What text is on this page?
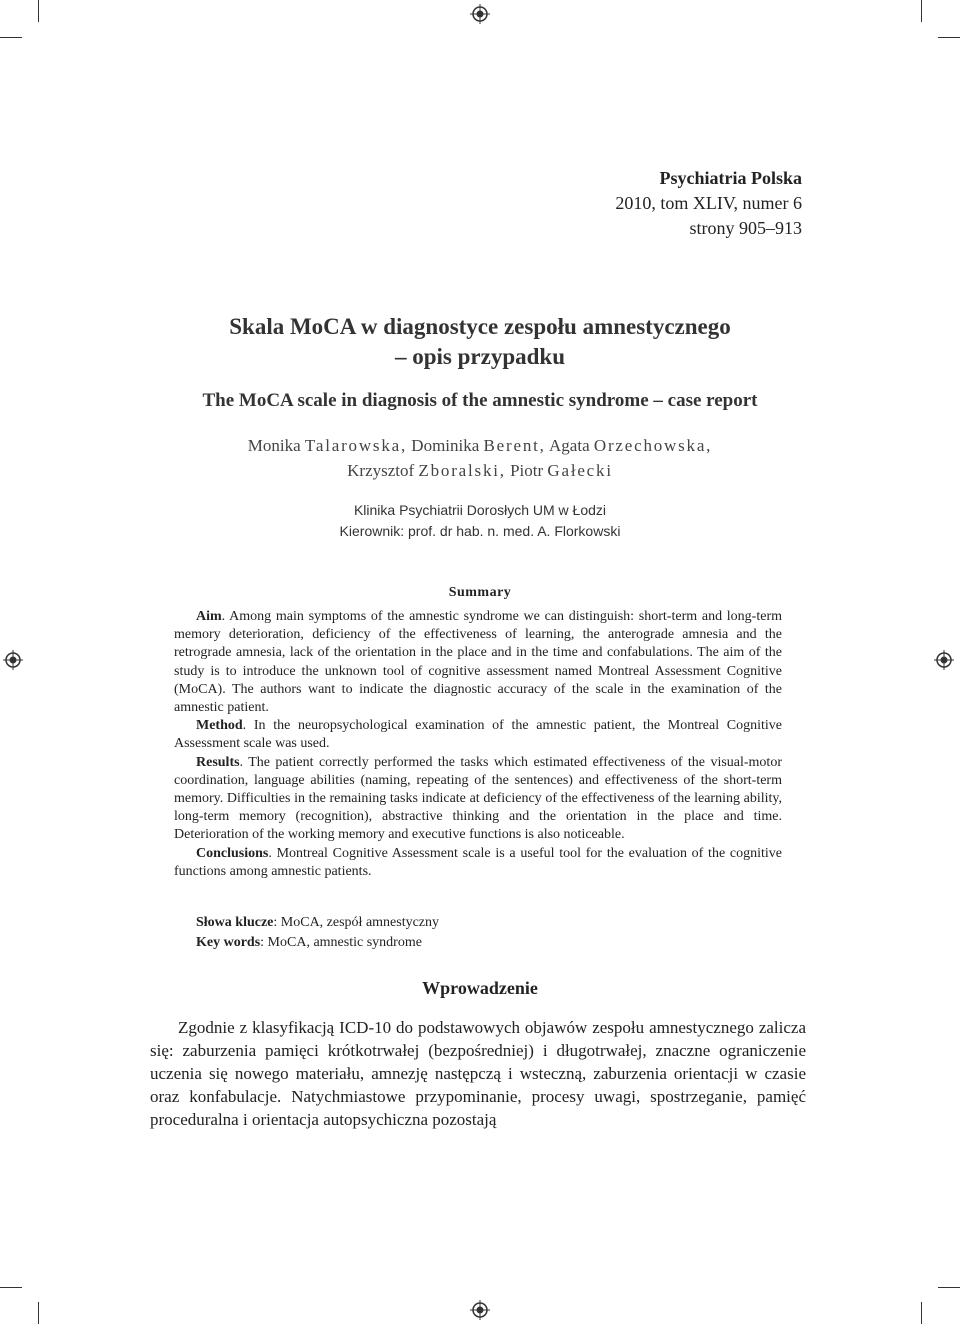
Psychiatria Polska
2010, tom XLIV, numer 6
strony 905–913
Skala MoCA w diagnostyce zespołu amnestycznego
– opis przypadku
The MoCA scale in diagnosis of the amnestic syndrome – case report
Monika Talarowska, Dominika Berent, Agata Orzechowska,
Krzysztof Zboralski, Piotr Gałecki
Klinika Psychiatrii Dorosłych UM w Łodzi
Kierownik: prof. dr hab. n. med. A. Florkowski
Summary

Aim. Among main symptoms of the amnestic syndrome we can distinguish: short-term and long-term memory deterioration, deficiency of the effectiveness of learning, the anterograde amnesia and the retrograde amnesia, lack of the orientation in the place and in the time and confabulations. The aim of the study is to introduce the unknown tool of cognitive assessment named Montreal Assessment Cognitive (MoCA). The authors want to indicate the diagnostic accuracy of the scale in the examination of the amnestic patient.

Method. In the neuropsychological examination of the amnestic patient, the Montreal Cognitive Assessment scale was used.

Results. The patient correctly performed the tasks which estimated effectiveness of the visual-motor coordination, language abilities (naming, repeating of the sentences) and effectiveness of the short-term memory. Difficulties in the remaining tasks indicate at deficiency of the effectiveness of the learning ability, long-term memory (recognition), abstractive thinking and the orientation in the place and time. Deterioration of the working memory and executive functions is also noticeable.

Conclusions. Montreal Cognitive Assessment scale is a useful tool for the evaluation of the cognitive functions among amnestic patients.

Słowa klucze: MoCA, zespół amnestyczny
Key words: MoCA, amnestic syndrome
Wprowadzenie

Zgodnie z klasyfikacją ICD-10 do podstawowych objawów zespołu amnestycznego zalicza się: zaburzenia pamięci krótkotrwałej (bezpośredniej) i długotrwałej, znaczne ograniczenie uczenia się nowego materiału, amnezję następczą i wsteczną, zaburzenia orientacji w czasie oraz konfabulacje. Natychmiastowe przypominanie, procesy uwagi, spostrzeganie, pamięć proceduralna i orientacja autopsychiczna pozostają
